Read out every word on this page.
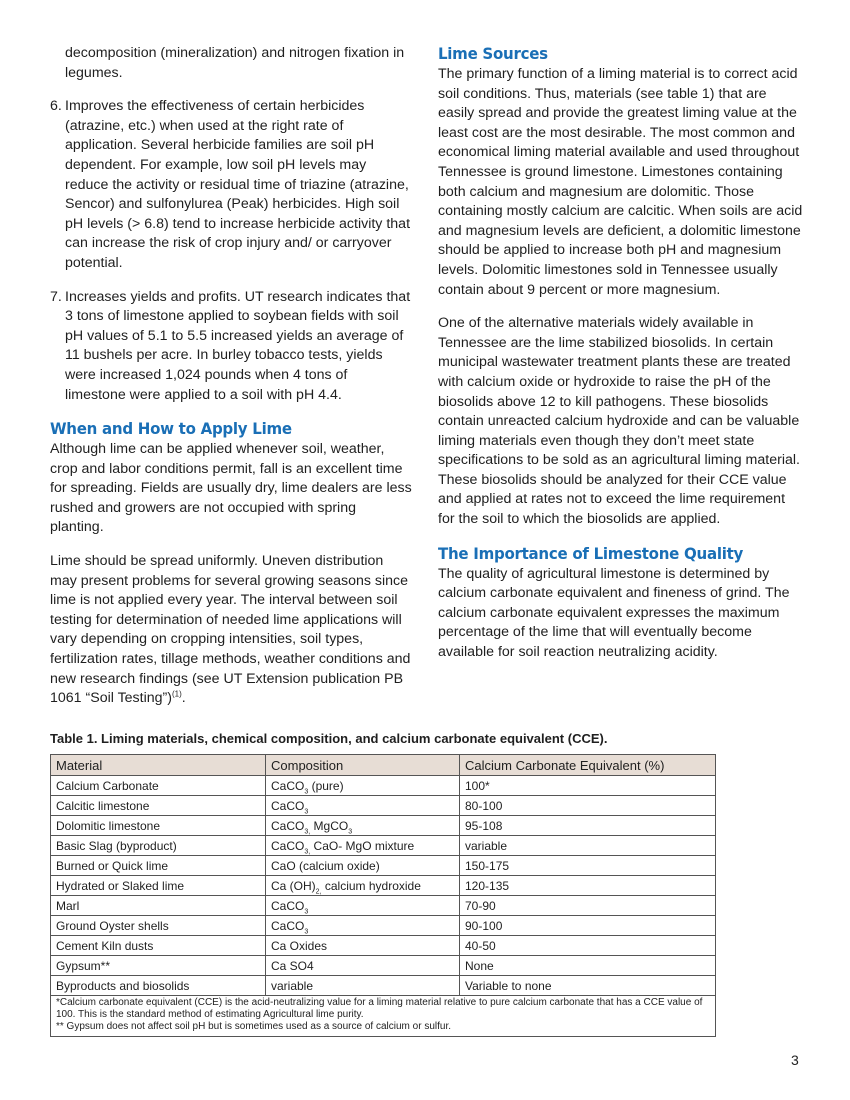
decomposition (mineralization) and nitrogen fixation in legumes.

6. Improves the effectiveness of certain herbicides (atrazine, etc.) when used at the right rate of application. Several herbicide families are soil pH dependent. For example, low soil pH levels may reduce the activity or residual time of triazine (atrazine, Sencor) and sulfonylurea (Peak) herbicides. High soil pH levels (> 6.8) tend to increase herbicide activity that can increase the risk of crop injury and/ or carryover potential.
7. Increases yields and profits. UT research indicates that 3 tons of limestone applied to soybean fields with soil pH values of 5.1 to 5.5 increased yields an average of 11 bushels per acre. In burley tobacco tests, yields were increased 1,024 pounds when 4 tons of limestone were applied to a soil with pH 4.4.
When and How to Apply Lime

Although lime can be applied whenever soil, weather, crop and labor conditions permit, fall is an excellent time for spreading. Fields are usually dry, lime dealers are less rushed and growers are not occupied with spring planting.

Lime should be spread uniformly. Uneven distribution may present problems for several growing seasons since lime is not applied every year. The interval between soil testing for determination of needed lime applications will vary depending on cropping intensities, soil types, fertilization rates, tillage methods, weather conditions and new research findings (see UT Extension publication PB 1061 “Soil Testing”)$^{(1)}$.

Lime Sources

The primary function of a liming material is to correct acid soil conditions. Thus, materials (see table 1) that are easily spread and provide the greatest liming value at the least cost are the most desirable. The most common and economical liming material available and used throughout Tennessee is ground limestone. Limestones containing both calcium and magnesium are dolomitic. Those containing mostly calcium are calcitic. When soils are acid and magnesium levels are deficient, a dolomitic limestone should be applied to increase both pH and magnesium levels. Dolomitic limestones sold in Tennessee usually contain about 9 percent or more magnesium.

One of the alternative materials widely available in Tennessee are the lime stabilized biosolids. In certain municipal wastewater treatment plants these are treated with calcium oxide or hydroxide to raise the pH of the biosolids above 12 to kill pathogens. These biosolids contain unreacted calcium hydroxide and can be valuable liming materials even though they don’t meet state specifications to be sold as an agricultural liming material. These biosolids should be analyzed for their CCE value and applied at rates not to exceed the lime requirement for the soil to which the biosolids are applied.

The Importance of Limestone Quality

The quality of agricultural limestone is determined by calcium carbonate equivalent and fineness of grind. The calcium carbonate equivalent expresses the maximum percentage of the lime that will eventually become available for soil reaction neutralizing acidity.

Table 1. Liming materials, chemical composition, and calcium carbonate equivalent (CCE).
Material	Composition	Calcium Carbonate Equivalent (%)
Calcium Carbonate	CaCO$_3$ (pure)	100*
Calcitic limestone	CaCO$_3$	80-100
Dolomitic limestone	CaCO$_{3,}$ MgCO$_3$	95-108
Basic Slag (byproduct)	CaCO$_{3,}$ CaO- MgO mixture	variable
Burned or Quick lime	CaO (calcium oxide)	150-175
Hydrated or Slaked lime	Ca $(OH)_{2,}$ calcium hydroxide	120-135
Marl	CaCO$_3$	70-90
Ground Oyster shells	CaCO$_3$	90-100
Cement Kiln dusts	Ca Oxides	40-50
Gypsum**	Ca SO4	None
Byproducts and biosolids	variable	Variable to none

*Calcium carbonate equivalent (CCE) is the acid-neutralizing value for a liming material relative to pure calcium carbonate that has a CCE value of 100. This is the standard method of estimating Agricultural lime purity.
** Gypsum does not affect soil pH but is sometimes used as a source of calcium or sulfur.		
3
